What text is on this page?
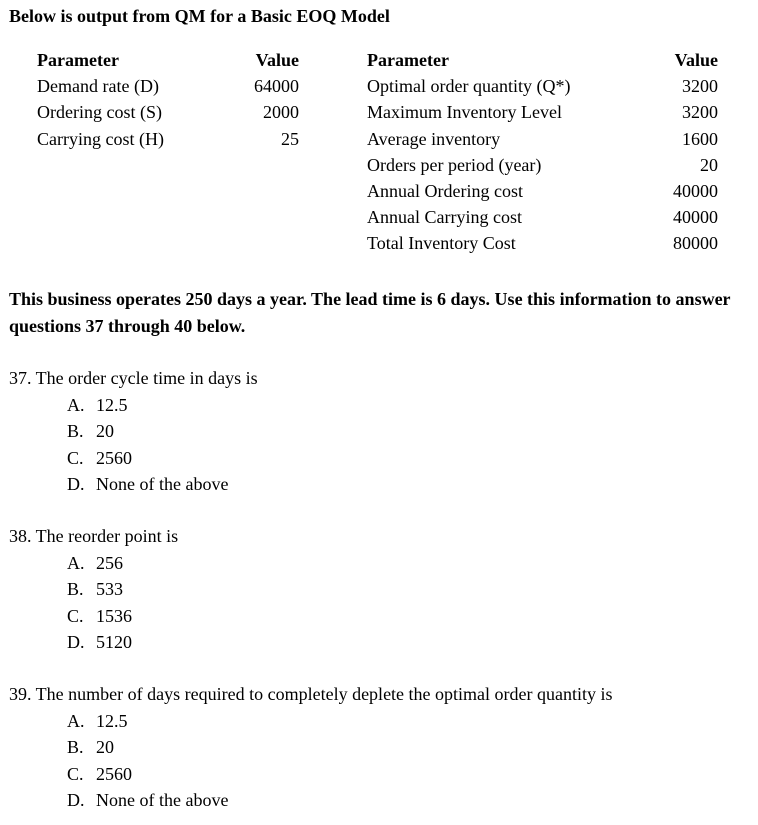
Below is output from QM for a Basic EOQ Model
Parameter	Value
Demand rate (D)	64000
Ordering cost (S)	2000
Carrying cost (H)	25
Parameter	Value
Optimal order quantity (Q*)	3200
Maximum Inventory Level	3200
Average inventory	1600
Orders per period (year)	20
Annual Ordering cost	40000
Annual Carrying cost	40000
Total Inventory Cost	80000
This business operates 250 days a year. The lead time is 6 days. Use this information to answer questions 37 through 40 below.
37. The order cycle time in days is
A. 12.5
B. 20
C. 2560
D. None of the above
38. The reorder point is
A. 256
B. 533
C. 1536
D. 5120
39. The number of days required to completely deplete the optimal order quantity is
A. 12.5
B. 20
C. 2560
D. None of the above
